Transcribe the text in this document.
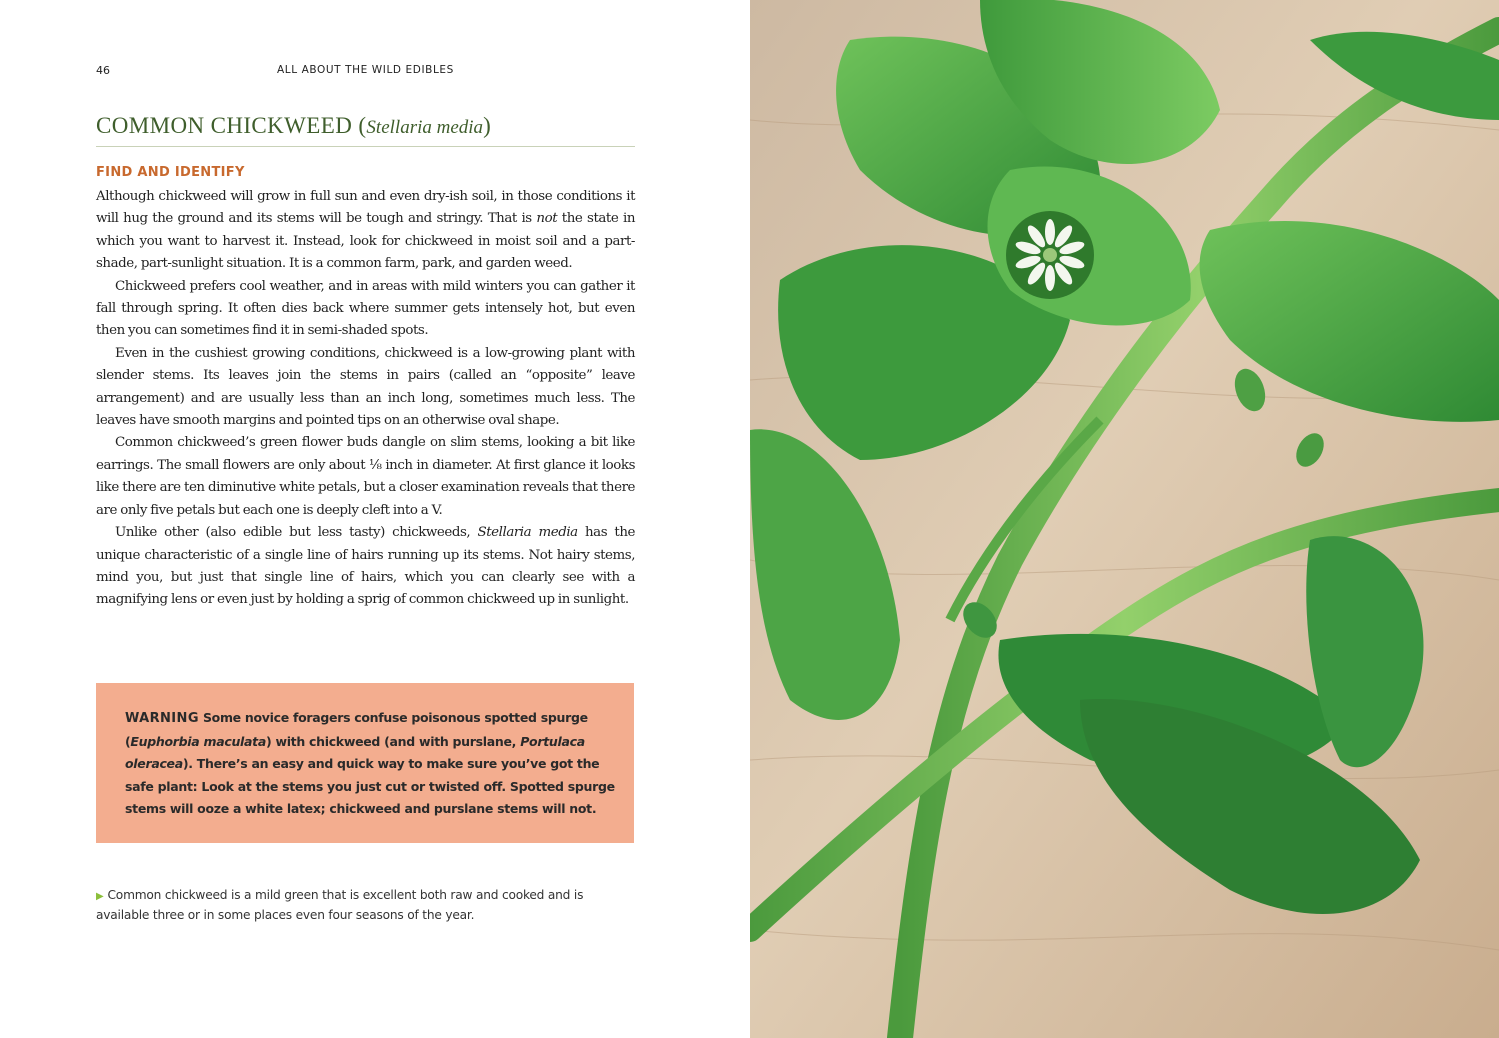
46	ALL ABOUT THE WILD EDIBLES
COMMON CHICKWEED (Stellaria media)
FIND AND IDENTIFY

Although chickweed will grow in full sun and even dry-ish soil, in those conditions it will hug the ground and its stems will be tough and stringy. That is not the state in which you want to harvest it. Instead, look for chickweed in moist soil and a part-shade, part-sunlight situation. It is a common farm, park, and garden weed.

Chickweed prefers cool weather, and in areas with mild winters you can gather it fall through spring. It often dies back where summer gets intensely hot, but even then you can sometimes find it in semi-shaded spots.

Even in the cushiest growing conditions, chickweed is a low-growing plant with slender stems. Its leaves join the stems in pairs (called an “opposite” leave arrangement) and are usually less than an inch long, sometimes much less. The leaves have smooth margins and pointed tips on an otherwise oval shape.

Common chickweed’s green flower buds dangle on slim stems, looking a bit like earrings. The small flowers are only about ⅛ inch in diameter. At first glance it looks like there are ten diminutive white petals, but a closer examination reveals that there are only five petals but each one is deeply cleft into a V.

Unlike other (also edible but less tasty) chickweeds, Stellaria media has the unique characteristic of a single line of hairs running up its stems. Not hairy stems, mind you, but just that single line of hairs, which you can clearly see with a magnifying lens or even just by holding a sprig of common chickweed up in sunlight.

WARNING Some novice foragers confuse poisonous spotted spurge (Euphorbia maculata) with chickweed (and with purslane, Portulaca oleracea). There’s an easy and quick way to make sure you’ve got the safe plant: Look at the stems you just cut or twisted off. Spotted spurge stems will ooze a white latex; chickweed and purslane stems will not.
▶ Common chickweed is a mild green that is excellent both raw and cooked and is available three or in some places even four seasons of the year.
